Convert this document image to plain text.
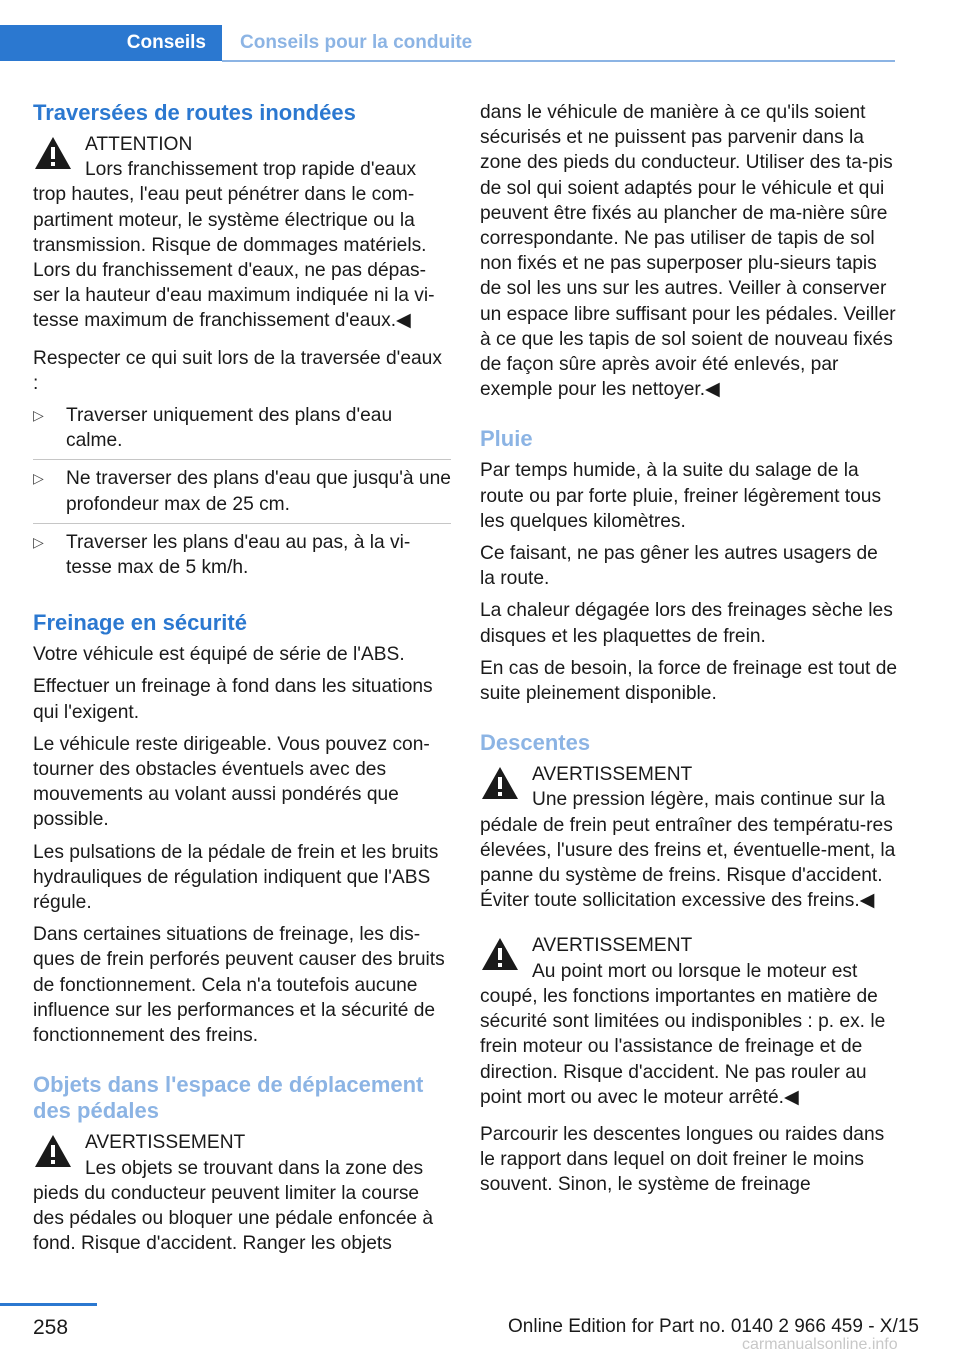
Conseils	Conseils pour la conduite
Traversées de routes inondées
ATTENTION
Lors franchissement trop rapide d'eaux trop hautes, l'eau peut pénétrer dans le com-partiment moteur, le système électrique ou la transmission. Risque de dommages matériels. Lors du franchissement d'eaux, ne pas dépas-ser la hauteur d'eau maximum indiquée ni la vi-tesse maximum de franchissement d'eaux.◀

Respecter ce qui suit lors de la traversée d'eaux :

▷ Traverser uniquement des plans d'eau calme.
▷ Ne traverser des plans d'eau que jusqu'à une profondeur max de 25 cm.
▷ Traverser les plans d'eau au pas, à la vi-tesse max de 5 km/h.
Freinage en sécurité

Votre véhicule est équipé de série de l'ABS.

Effectuer un freinage à fond dans les situations qui l'exigent.

Le véhicule reste dirigeable. Vous pouvez con-tourner des obstacles éventuels avec des mouvements au volant aussi pondérés que possible.

Les pulsations de la pédale de frein et les bruits hydrauliques de régulation indiquent que l'ABS régule.

Dans certaines situations de freinage, les dis-ques de frein perforés peuvent causer des bruits de fonctionnement. Cela n'a toutefois aucune influence sur les performances et la sécurité de fonctionnement des freins.

Objets dans l'espace de déplacement des pédales
AVERTISSEMENT
Les objets se trouvant dans la zone des pieds du conducteur peuvent limiter la course des pédales ou bloquer une pédale enfoncée à fond. Risque d'accident. Ranger les objets

dans le véhicule de manière à ce qu'ils soient sécurisés et ne puissent pas parvenir dans la zone des pieds du conducteur. Utiliser des ta-pis de sol qui soient adaptés pour le véhicule et qui peuvent être fixés au plancher de ma-nière sûre correspondante. Ne pas utiliser de tapis de sol non fixés et ne pas superposer plu-sieurs tapis de sol les uns sur les autres. Veiller à conserver un espace libre suffisant pour les pédales. Veiller à ce que les tapis de sol soient de nouveau fixés de façon sûre après avoir été enlevés, par exemple pour les nettoyer.◀

Pluie

Par temps humide, à la suite du salage de la route ou par forte pluie, freiner légèrement tous les quelques kilomètres.

Ce faisant, ne pas gêner les autres usagers de la route.

La chaleur dégagée lors des freinages sèche les disques et les plaquettes de frein.

En cas de besoin, la force de freinage est tout de suite pleinement disponible.

Descentes
AVERTISSEMENT
Une pression légère, mais continue sur la pédale de frein peut entraîner des températu-res élevées, l'usure des freins et, éventuelle-ment, la panne du système de freins. Risque d'accident. Éviter toute sollicitation excessive des freins.◀
AVERTISSEMENT
Au point mort ou lorsque le moteur est coupé, les fonctions importantes en matière de sécurité sont limitées ou indisponibles : p. ex. le frein moteur ou l'assistance de freinage et de direction. Risque d'accident. Ne pas rouler au point mort ou avec le moteur arrêté.◀

Parcourir les descentes longues ou raides dans le rapport dans lequel on doit freiner le moins souvent. Sinon, le système de freinage

258	Online Edition for Part no. 0140 2 966 459 - X/15
carmanualsonline.info
